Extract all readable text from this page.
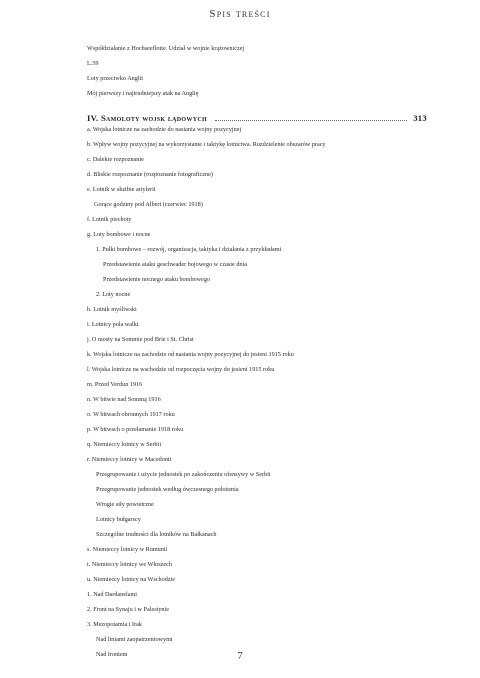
Spis treści
Współdziałanie z Hochseeflotte. Udział w wojnie krążowniczej
L.59
Loty przeciwko Anglii
Mój pierwszy i najtrudniejszy atak na Anglię
IV. Samoloty wojsk lądowych	313
a. Wojska lotnicze na zachodzie do nastania wojny pozycyjnej
b. Wpływ wojny pozycyjnej na wykorzystanie i taktykę lotnictwa. Rozdzielenie obszarów pracy
c. Dalekie rozpoznanie
d. Bliskie rozpoznanie (rozpoznanie fotograficzne)
e. Lotnik w służbie artylerii
Gorące godziny pod Albert (czerwiec 1918)
f. Lotnik piechoty
g. Loty bombowe i nocne
1. Pułki bombowe – rozwój, organizacja, taktyka i działania z przykładami
Przedstawienie ataku geschwader bojowego w czasie dnia
Przedstawienie nocnego ataku bombowego
2. Loty nocne
h. Lotnik myśliwski
i. Lotnicy pola walki
j. O mosty na Sommie pod Brie i St. Christ
k. Wojska lotnicze na zachodzie od nastania wojny pozycyjnej do jesieni 1915 roku
l. Wojska lotnicze na wschodzie od rozpoczęcia wojny do jesieni 1915 roku
m. Przed Verdun 1916
n. W bitwie nad Sommą 1916
o. W bitwach obronnych 1917 roku
p. W bitwach o przełamanie 1918 roku
q. Niemieccy lotnicy w Serbii
r. Niemieccy lotnicy w Macedonii
Przegrupowanie i użycie jednostek po zakończeniu ofensywy w Serbii
Przegrupowanie jednostek według ówczesnego położenia
Wrogie siły powietrzne
Lotnicy bułgarscy
Szczególne trudności dla lotników na Bałkanach
s. Niemieccy lotnicy w Rumunii
t. Niemieccy lotnicy we Włoszech
u. Niemieccy lotnicy na Wschodzie
1. Nad Dardanelami
2. Front na Synaju i w Palestynie
3. Mezopotamia i Irak
Nad liniami zaopatrzeniowymi
Nad frontem	7
